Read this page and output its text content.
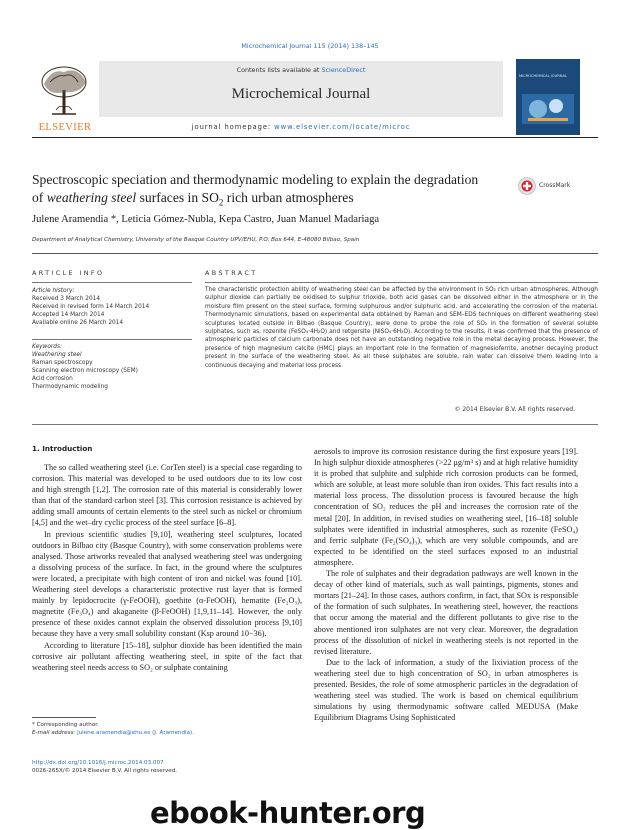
Microchemical Journal 115 (2014) 138–145
ELSEVIER
Contents lists available at ScienceDirect
Microchemical Journal
journal homepage: www.elsevier.com/locate/microc
MICROCHEMICAL JOURNAL
Spectroscopic speciation and thermodynamic modeling to explain the degradation of weathering steel surfaces in $SO_2$ rich urban atmospheres
CrossMark
Julene Aramendia *, Leticia Gómez-Nubla, Kepa Castro, Juan Manuel Madariaga
Department of Analytical Chemistry, University of the Basque Country UPV/EHU, P.O. Box 644, E-48080 Bilbao, Spain
ARTICLE INFO	ABSTRACT
Article history:
Received 3 March 2014
Received in revised form 14 March 2014
Accepted 14 March 2014
Available online 26 March 2014
Keywords:
Weathering steel
Raman spectroscopy
Scanning electron microscopy (SEM)
Acid corrosion
Thermodynamic modeling
The characteristic protection ability of weathering steel can be affected by the environment in SO₂ rich urban atmospheres. Although sulphur dioxide can partially be oxidised to sulphur trioxide, both acid gases can be dissolved either in the atmosphere or in the moisture film present on the steel surface, forming sulphurous and/or sulphuric acid, and accelerating the corrosion of the material. Thermodynamic simulations, based on experimental data obtained by Raman and SEM–EDS techniques on different weathering steel sculptures located outside in Bilbao (Basque Country), were done to probe the role of SO₂ in the formation of several soluble sulphates, such as, rozenite (FeSO₄·4H₂O) and retgersite (NiSO₄·6H₂O). According to the results, it was confirmed that the presence of atmospheric particles of calcium carbonate does not have an outstanding negative role in the metal decaying process. However, the presence of high magnesium calcite (HMC) plays an important role in the formation of magnesioferrite, another decaying product present in the surface of the weathering steel. As all these sulphates are soluble, rain water can dissolve them leading into a continuous decaying and material loss process.
© 2014 Elsevier B.V. All rights reserved.
1. Introduction

The so called weathering steel (i.e. CorTen steel) is a special case regarding to corrosion. This material was developed to be used outdoors due to its low cost and high strength [1,2]. The corrosion rate of this material is considerably lower than that of the standard carbon steel [3]. This corrosion resistance is achieved by adding small amounts of certain elements to the steel such as nickel or chromium [4,5] and the wet–dry cyclic process of the steel surface [6–8].

In previous scientific studies [9,10], weathering steel sculptures, located outdoors in Bilbao city (Basque Country), with some conservation problems were analysed. Those artworks revealed that analysed weathering steel was undergoing a dissolving process of the surface. In fact, in the ground where the sculptures were located, a precipitate with high content of iron and nickel was found [10]. Weathering steel develops a characteristic protective rust layer that is formed mainly by lepidocrocite (γ-FeOOH), goethite (α-FeOOH), hematite (Fe₂O₃), magnetite (Fe₃O₄) and akaganeite (β-FeOOH) [1,9,11–14]. However, the only presence of these oxides cannot explain the observed dissolution process [9,10] because they have a very small solubility constant (Ksp around 10−36).

According to literature [15–18], sulphur dioxide has been identified the main corrosive air pollutant affecting weathering steel, in spite of the fact that weathering steel needs access to SO₂ or sulphate containing

aerosols to improve its corrosion resistance during the first exposure years [19]. In high sulphur dioxide atmospheres (>22 μg/m³ s) and at high relative humidity it is probed that sulphite and sulphide rich corrosion products can be formed, which are soluble, at least more soluble than iron oxides. This fact results into a material loss process. The dissolution process is favoured because the high concentration of SO₂ reduces the pH and increases the corrosion rate of the metal [20]. In addition, in revised studies on weathering steel, [16–18] soluble sulphates were identified in industrial atmospheres, such as rozenite (FeSO₄) and ferric sulphate (Fe₂(SO₄)₃), which are very soluble compounds, and are expected to be identified on the steel surfaces exposed to an industrial atmosphere.

The role of sulphates and their degradation pathways are well known in the decay of other kind of materials, such as wall paintings, pigments, stones and mortars [21–24]. In those cases, authors confirm, in fact, that SOx is responsible of the formation of such sulphates. In weathering steel, however, the reactions that occur among the material and the different pollutants to give rise to the above mentioned iron sulphates are not very clear. Moreover, the degradation process of the dissolution of nickel in weathering steels is not reported in the revised literature.

Due to the lack of information, a study of the lixiviation process of the weathering steel due to high concentration of SO₂ in urban atmospheres is presented. Besides, the role of some atmospheric particles in the degradation of weathering steel was studied. The work is based on chemical equilibrium simulations by using thermodynamic software called MEDUSA (Make Equilibrium Diagrams Using Sophisticated

* Corresponding author.
E-mail address: julene.aramendia@ehu.es (J. Aramendia).
http://dx.doi.org/10.1016/j.microc.2014.03.007
0026-265X/© 2014 Elsevier B.V. All rights reserved.
ebook-hunter.org
